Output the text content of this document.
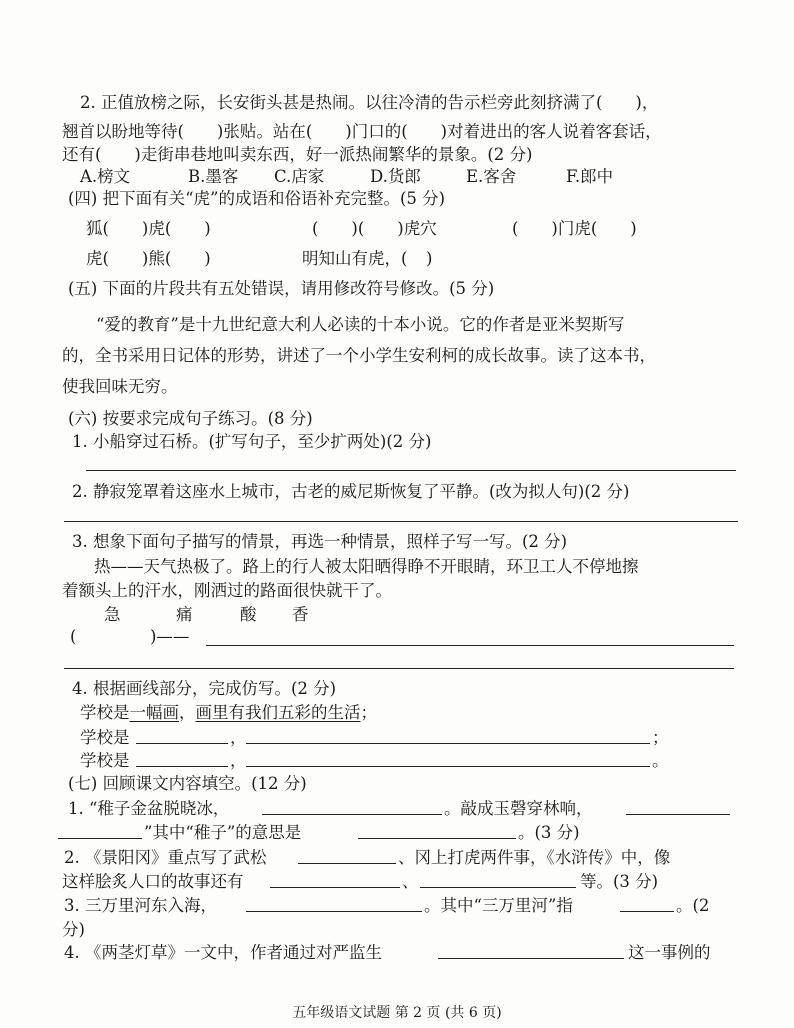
2. 正值放榜之际，长安街头甚是热闹。以往冷清的告示栏旁此刻挤满了(　　)，
翘首以盼地等待(　　)张贴。站在(　　)门口的(　　)对着进出的客人说着客套话，
还有(　　)走街串巷地叫卖东西，好一派热闹繁华的景象。(2 分)
A.榜文	B.墨客 C.店家	D.货郎	E.客舍	F.郎中
(四) 把下面有关“虎”的成语和俗语补充完整。(5 分)
狐(　　)虎(　　)	(　　)(　　)虎穴	(　　)门虎(　　)
虎(　　)熊(　　)	明知山有虎，( )
(五) 下面的片段共有五处错误，请用修改符号修改。(5 分)
“爱的教育”是十九世纪意大利人必读的十本小说。它的作者是亚米契斯写
的，全书采用日记体的形势，讲述了一个小学生安利柯的成长故事。读了这本书，
使我回味无穷。
(六) 按要求完成句子练习。(8 分)
1. 小船穿过石桥。(扩写句子，至少扩两处)(2 分)
2. 静寂笼罩着这座水上城市，古老的威尼斯恢复了平静。(改为拟人句)(2 分)
3. 想象下面句子描写的情景，再选一种情景，照样子写一写。(2 分)
热——天气热极了。路上的行人被太阳晒得睁不开眼睛，环卫工人不停地擦
着额头上的汗水，刚洒过的路面很快就干了。
急	痛	酸 香
(	)——
4. 根据画线部分，完成仿写。(2 分)
学校是一幅画，画里有我们五彩的生活；
学校是	，	；
学校是	，	。
(七) 回顾课文内容填空。(12 分)
1. “稚子金盆脱晓冰，	。敲成玉磬穿林响，
”其中“稚子”的意思是	。(3 分)
2. 《景阳冈》重点写了武松	、冈上打虎两件事，《水浒传》中，像
这样脍炙人口的故事还有	、	等。(3 分)
3. 三万里河东入海，	。其中“三万里河”指	。(2
分)
4. 《两茎灯草》一文中，作者通过对严监生	这一事例的
五年级语文试题 第 2 页 (共 6 页)
